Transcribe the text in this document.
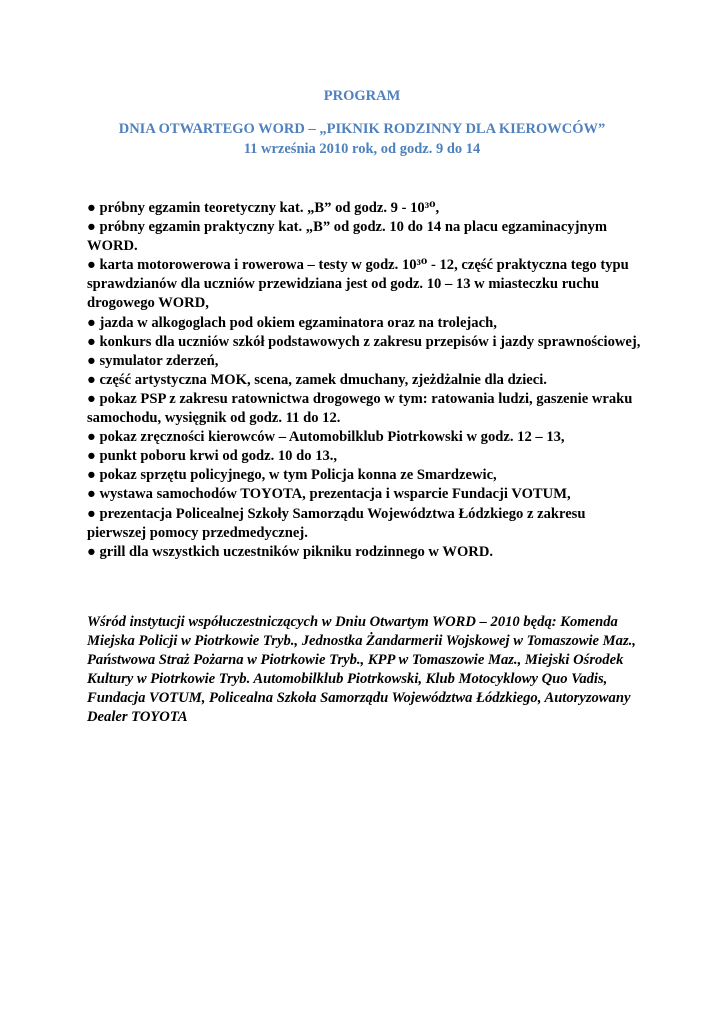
PROGRAM

DNIA OTWARTEGO WORD – „PIKNIK RODZINNY DLA KIEROWCÓW”

11 września 2010 rok, od godz. 9 do 14

● próbny egzamin teoretyczny kat. „B” od godz. 9 - 10³⁰,

● próbny egzamin praktyczny kat. „B” od godz. 10 do 14 na placu egzaminacyjnym WORD.

● karta motorowerowa i rowerowa – testy w godz. 10³⁰ - 12, część praktyczna tego typu sprawdzianów dla uczniów przewidziana jest od godz. 10 – 13 w miasteczku ruchu drogowego WORD,

● jazda w alkogoglach pod okiem egzaminatora oraz na trolejach,

● konkurs dla uczniów szkół podstawowych z zakresu przepisów i jazdy sprawnościowej,

● symulator zderzeń,

● część artystyczna MOK, scena, zamek dmuchany, zjeżdżalnie dla dzieci.

● pokaz PSP z zakresu ratownictwa drogowego w tym: ratowania ludzi, gaszenie wraku samochodu, wysięgnik od godz. 11 do 12.

● pokaz zręczności kierowców – Automobilklub Piotrkowski w godz. 12 – 13,

● punkt poboru krwi od godz. 10 do 13.,

● pokaz sprzętu policyjnego, w tym Policja konna ze Smardzewic,

● wystawa samochodów TOYOTA, prezentacja i wsparcie Fundacji VOTUM,

● prezentacja Policealnej Szkoły Samorządu Województwa Łódzkiego z zakresu pierwszej pomocy przedmedycznej.

● grill dla wszystkich uczestników pikniku rodzinnego w WORD.

Wśród instytucji współuczestniczących w Dniu Otwartym WORD – 2010 będą: Komenda Miejska Policji w Piotrkowie Tryb., Jednostka Żandarmerii Wojskowej w Tomaszowie Maz., Państwowa Straż Pożarna w Piotrkowie Tryb., KPP w Tomaszowie Maz., Miejski Ośrodek Kultury w Piotrkowie Tryb. Automobilklub Piotrkowski, Klub Motocyklowy Quo Vadis, Fundacja VOTUM, Policealna Szkoła Samorządu Województwa Łódzkiego, Autoryzowany Dealer TOYOTA
